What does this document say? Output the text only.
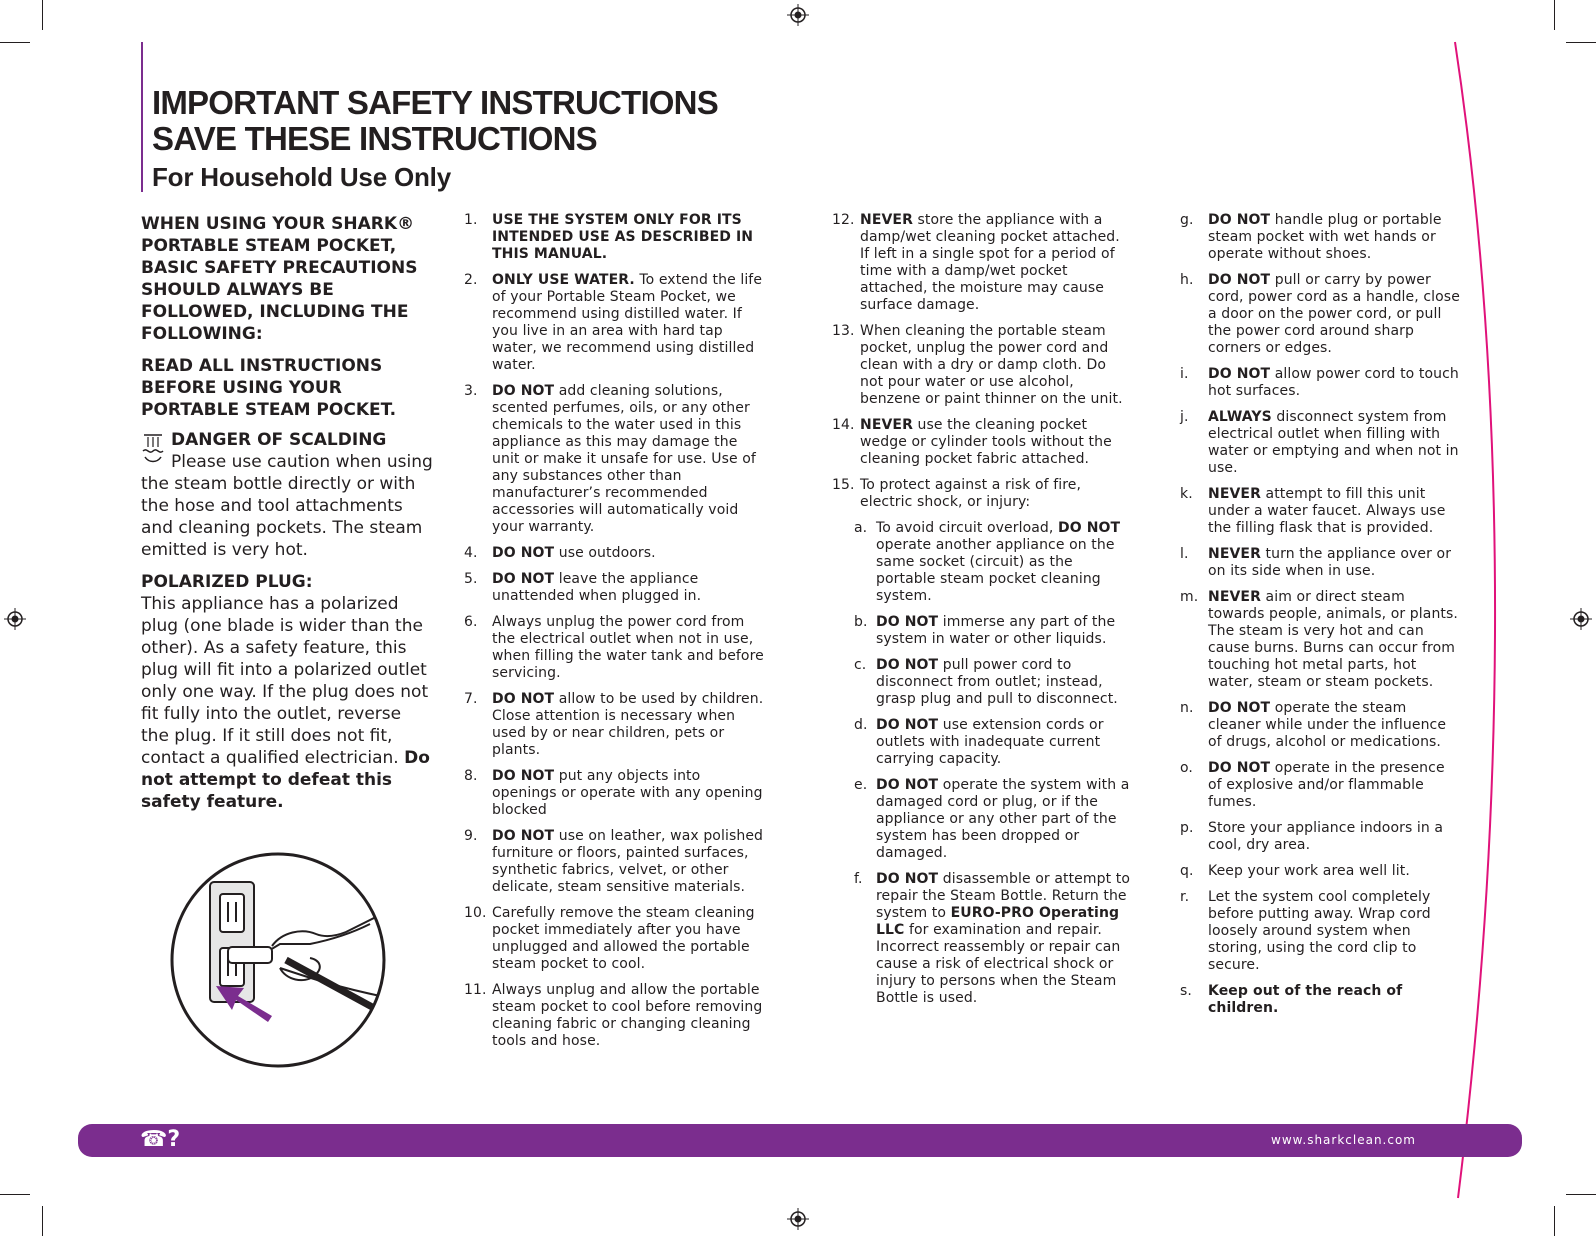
IMPORTANT SAFETY INSTRUCTIONS
SAVE THESE INSTRUCTIONS
For Household Use Only

WHEN USING YOUR SHARK® PORTABLE STEAM POCKET, BASIC SAFETY PRECAUTIONS SHOULD ALWAYS BE FOLLOWED, INCLUDING THE FOLLOWING:

READ ALL INSTRUCTIONS BEFORE USING YOUR PORTABLE STEAM POCKET.

DANGER OF SCALDING
Please use caution when using the steam bottle directly or with the hose and tool attachments and cleaning pockets. The steam emitted is very hot.

POLARIZED PLUG:

This appliance has a polarized plug (one blade is wider than the other). As a safety feature, this plug will fit into a polarized outlet only one way. If the plug does not fit fully into the outlet, reverse the plug. If it still does not fit, contact a qualified electrician. Do not attempt to defeat this safety feature.

1. USE THE SYSTEM ONLY FOR ITS INTENDED USE AS DESCRIBED IN THIS MANUAL.
2. ONLY USE WATER. To extend the life of your Portable Steam Pocket, we recommend using distilled water. If you live in an area with hard tap water, we recommend using distilled water.
3. DO NOT add cleaning solutions, scented perfumes, oils, or any other chemicals to the water used in this appliance as this may damage the unit or make it unsafe for use. Use of any substances other than manufacturer’s recommended accessories will automatically void your warranty.
4. DO NOT use outdoors.
5. DO NOT leave the appliance unattended when plugged in.
6. Always unplug the power cord from the electrical outlet when not in use, when filling the water tank and before servicing.
7. DO NOT allow to be used by children. Close attention is necessary when used by or near children, pets or plants.
8. DO NOT put any objects into openings or operate with any opening blocked
9. DO NOT use on leather, wax polished furniture or floors, painted surfaces, synthetic fabrics, velvet, or other delicate, steam sensitive materials.
10. Carefully remove the steam cleaning pocket immediately after you have unplugged and allowed the portable steam pocket to cool.
11. Always unplug and allow the portable steam pocket to cool before removing cleaning fabric or changing cleaning tools and hose.
12. NEVER store the appliance with a damp/wet cleaning pocket attached. If left in a single spot for a period of time with a damp/wet pocket attached, the moisture may cause surface damage.
13. When cleaning the portable steam pocket, unplug the power cord and clean with a dry or damp cloth. Do not pour water or use alcohol, benzene or paint thinner on the unit.
14. NEVER use the cleaning pocket wedge or cylinder tools without the cleaning pocket fabric attached.
15. To protect against a risk of fire, electric shock, or injury:
a. To avoid circuit overload, DO NOT operate another appliance on the same socket (circuit) as the portable steam pocket cleaning system.
b. DO NOT immerse any part of the system in water or other liquids.
c. DO NOT pull power cord to disconnect from outlet; instead, grasp plug and pull to disconnect.
d. DO NOT use extension cords or outlets with inadequate current carrying capacity.
e. DO NOT operate the system with a damaged cord or plug, or if the appliance or any other part of the system has been dropped or damaged.
f. DO NOT disassemble or attempt to repair the Steam Bottle. Return the system to EURO-PRO Operating LLC for examination and repair. Incorrect reassembly or repair can cause a risk of electrical shock or injury to persons when the Steam Bottle is used.
g. DO NOT handle plug or portable steam pocket with wet hands or operate without shoes.
h. DO NOT pull or carry by power cord, power cord as a handle, close a door on the power cord, or pull the power cord around sharp corners or edges.
i. DO NOT allow power cord to touch hot surfaces.
j. ALWAYS disconnect system from electrical outlet when filling with water or emptying and when not in use.
k. NEVER attempt to fill this unit under a water faucet. Always use the filling flask that is provided.
l. NEVER turn the appliance over or on its side when in use.
m. NEVER aim or direct steam towards people, animals, or plants. The steam is very hot and can cause burns. Burns can occur from touching hot metal parts, hot water, steam or steam pockets.
n. DO NOT operate the steam cleaner while under the influence of drugs, alcohol or medications.
o. DO NOT operate in the presence of explosive and/or flammable fumes.
p. Store your appliance indoors in a cool, dry area.
q. Keep your work area well lit.
r. Let the system cool completely before putting away. Wrap cord loosely around system when storing, using the cord clip to secure.
s. Keep out of the reach of children.
☎?	www.sharkclean.com
